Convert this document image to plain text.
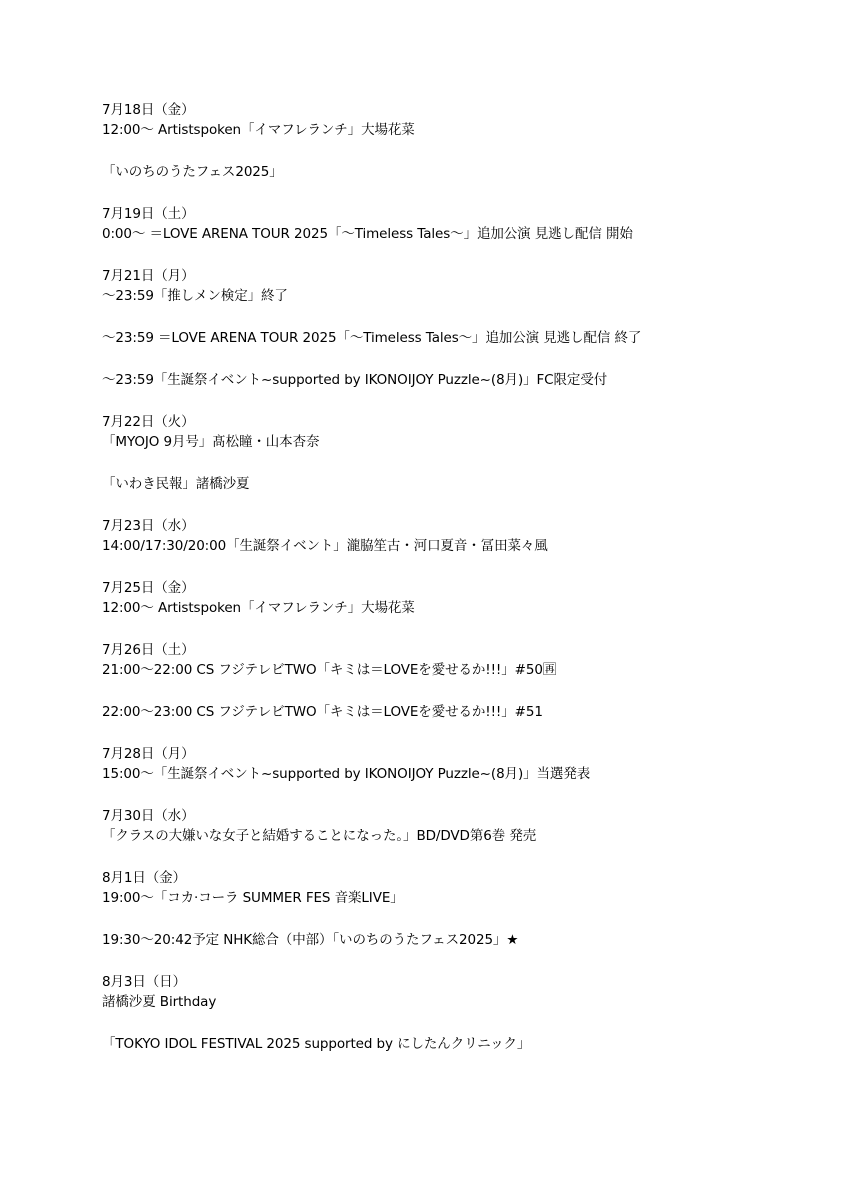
7月18日（金）
12:00〜 Artistspoken「イマフレランチ」大場花菜
「いのちのうたフェス2025」
7月19日（土）
0:00〜 ＝LOVE ARENA TOUR 2025「〜Timeless Tales〜」追加公演 見逃し配信 開始
7月21日（月）
〜23:59「推しメン検定」終了
〜23:59 ＝LOVE ARENA TOUR 2025「〜Timeless Tales〜」追加公演 見逃し配信 終了
〜23:59「生誕祭イベント~supported by IKONOIJOY Puzzle~(8月)」FC限定受付
7月22日（火）
「MYOJO 9月号」髙松瞳・山本杏奈
「いわき民報」諸橋沙夏
7月23日（水）
14:00/17:30/20:00「生誕祭イベント」瀧脇笙古・河口夏音・冨田菜々風
7月25日（金）
12:00〜 Artistspoken「イマフレランチ」大場花菜
7月26日（土）
21:00〜22:00 CS フジテレビTWO「キミは＝LOVEを愛せるか!!!」#50🈞
22:00〜23:00 CS フジテレビTWO「キミは＝LOVEを愛せるか!!!」#51
7月28日（月）
15:00〜「生誕祭イベント~supported by IKONOIJOY Puzzle~(8月)」当選発表
7月30日（水）
「クラスの大嫌いな女子と結婚することになった。」BD/DVD第6巻 発売
8月1日（金）
19:00〜「コカ·コーラ SUMMER FES 音楽LIVE」
19:30〜20:42予定 NHK総合（中部）「いのちのうたフェス2025」★
8月3日（日）
諸橋沙夏 Birthday
「TOKYO IDOL FESTIVAL 2025 supported by にしたんクリニック」
